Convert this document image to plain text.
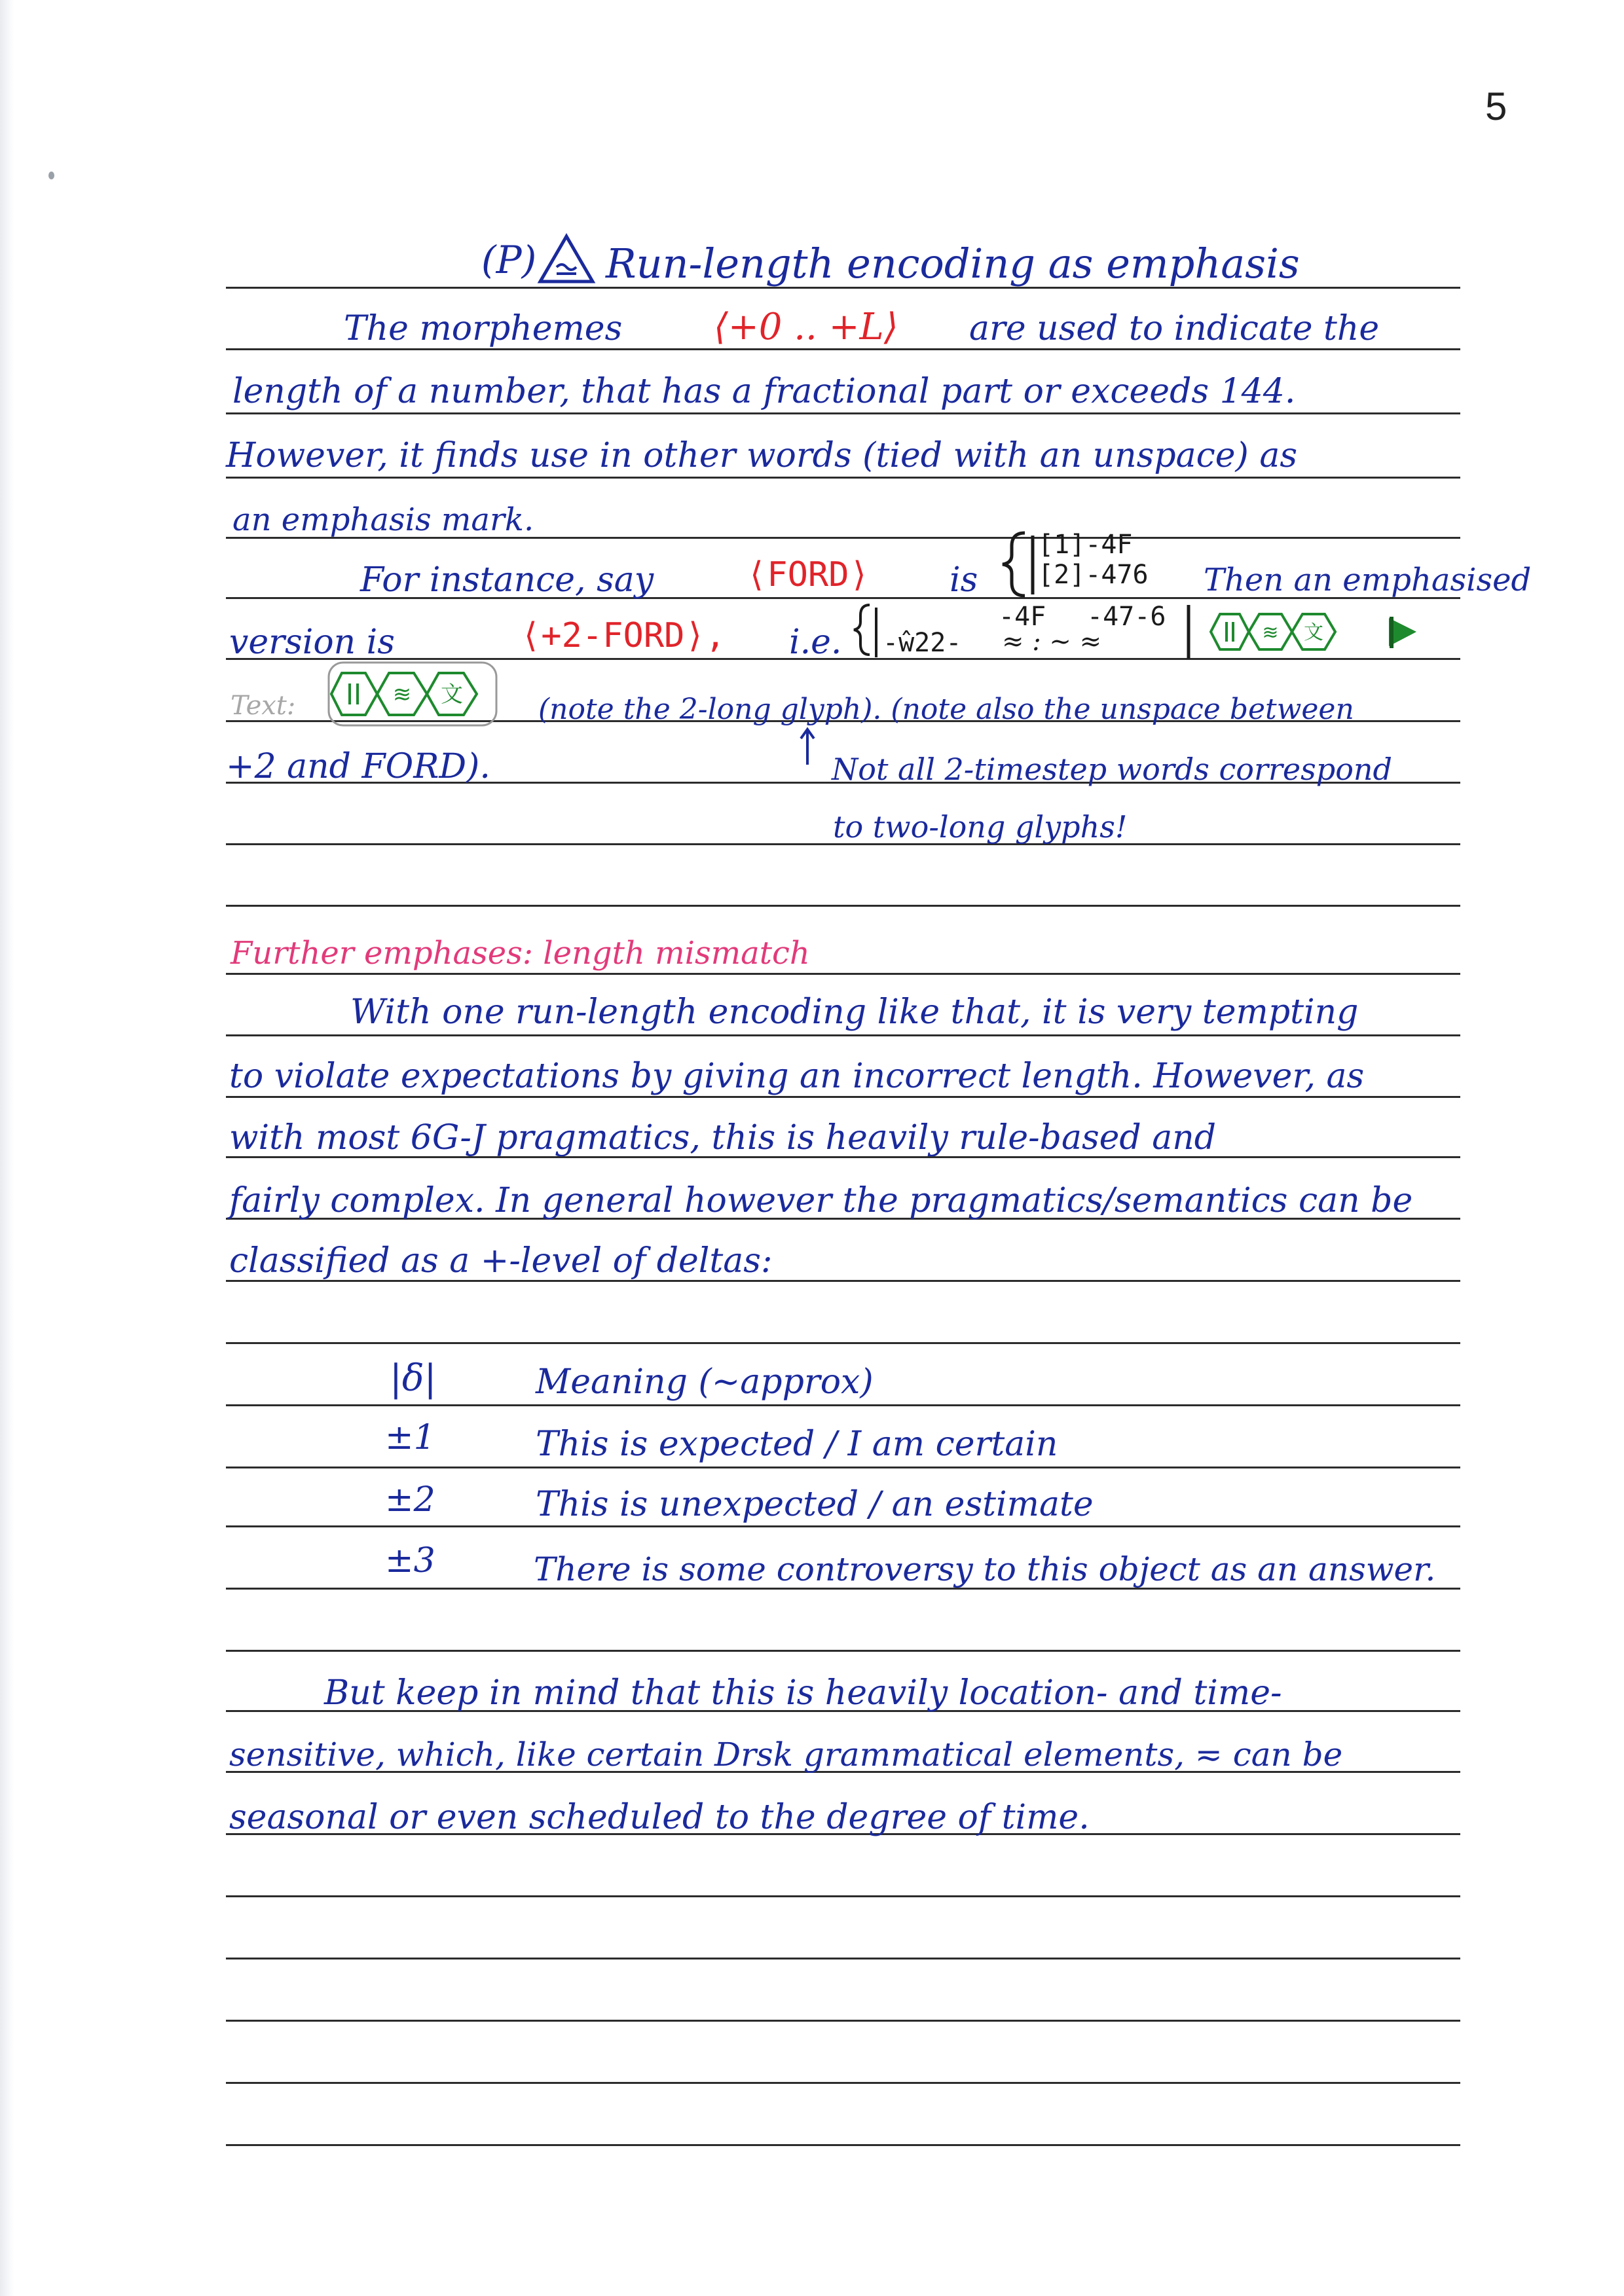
5
(P) Run-length encoding as emphasis
The morphemes ⟨+0 .. +L⟩ are used to indicate the
length of a number, that has a fractional part or exceeds 144.
However, it finds use in other words (tied with an unspace) as
an emphasis mark.
For instance, say	⟨FORD⟩ is
[1]-4F
[2]-476 Then an emphasised
version is	⟨+2-FORD⟩, i.e. -ŵ22-
-4F -47-6
≈ : ~ ≈	≋ 文
Text:	≋ 文	(note the 2-long glyph). (note also the unspace between
+2 and FORD).	Not all 2-timestep words correspond
to two-long glyphs!
Further emphases: length mismatch
With one run-length encoding like that, it is very tempting
to violate expectations by giving an incorrect length. However, as
with most 6G-J pragmatics, this is heavily rule-based and
fairly complex. In general however the pragmatics/semantics can be
classified as a +-level of deltas:
|δ|	Meaning (~approx)
±1	This is expected / I am certain
±2	This is unexpected / an estimate
±3	There is some controversy to this object as an answer.
But keep in mind that this is heavily location- and time-
sensitive, which, like certain Drsk grammatical elements, ≂ can be
seasonal or even scheduled to the degree of time.
